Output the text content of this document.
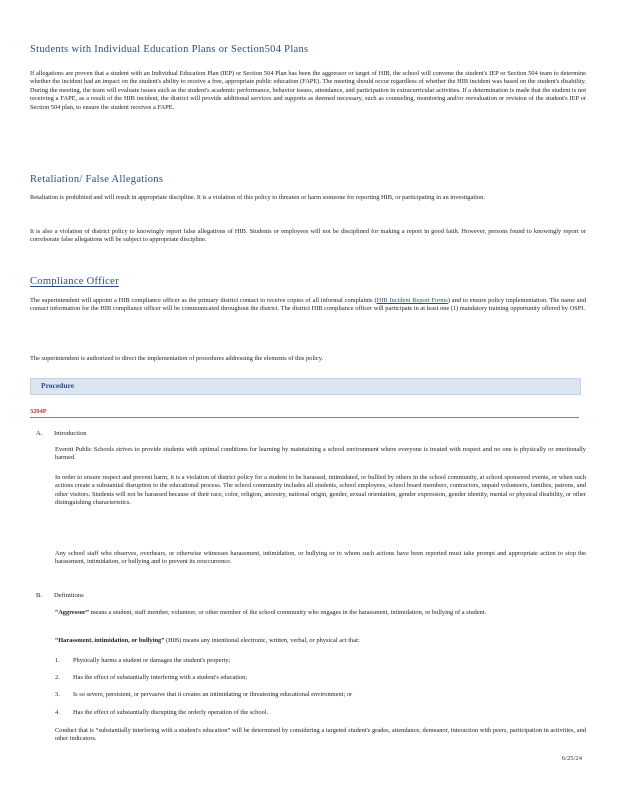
Students with Individual Education Plans or Section504 Plans
If allegations are proven that a student with an Individual Education Plan (IEP) or Section 504 Plan has been the aggressor or target of HIB, the school will convene the student's IEP or Section 504 team to determine whether the incident had an impact on the student's ability to receive a free, appropriate public education (FAPE). The meeting should occur regardless of whether the HIB incident was based on the student's disability. During the meeting, the team will evaluate issues such as the student's academic performance, behavior issues, attendance, and participation in extracurricular activities. If a determination is made that the student is not receiving a FAPE, as a result of the HIB incident, the district will provide additional services and supports as deemed necessary, such as counseling, monitoring and/or reevaluation or revision of the student's IEP or Section 504 plan, to ensure the student receives a FAPE.
Retaliation/ False Allegations
Retaliation is prohibited and will result in appropriate discipline. It is a violation of this policy to threaten or harm someone for reporting HIB, or participating in an investigation.
It is also a violation of district policy to knowingly report false allegations of HIB. Students or employees will not be disciplined for making a report in good faith. However, persons found to knowingly report or corroborate false allegations will be subject to appropriate discipline.
Compliance Officer
The superintendent will appoint a HIB compliance officer as the primary district contact to receive copies of all informal complaints (HIB Incident Report Forms) and to ensure policy implementation. The name and contact information for the HIB compliance officer will be communicated throughout the district. The district HIB compliance officer will participate in at least one (1) mandatory training opportunity offered by OSPI.
The superintendent is authorized to direct the implementation of procedures addressing the elements of this policy.
Procedure
3204P
A. Introduction
Everett Public Schools strives to provide students with optimal conditions for learning by maintaining a school environment where everyone is treated with respect and no one is physically or emotionally harmed.
In order to ensure respect and prevent harm, it is a violation of district policy for a student to be harassed, intimidated, or bullied by others in the school community, at school sponsored events, or when such actions create a substantial disruption to the educational process. The school community includes all students, school employees, school board members, contractors, unpaid volunteers, families, patrons, and other visitors. Students will not be harassed because of their race, color, religion, ancestry, national origin, gender, sexual orientation, gender expression, gender identity, mental or physical disability, or other distinguishing characteristics.
Any school staff who observes, overhears, or otherwise witnesses harassment, intimidation, or bullying or to whom such actions have been reported must take prompt and appropriate action to stop the harassment, intimidation, or bullying and to prevent its reoccurrence.
B. Definitions
“Aggressor” means a student, staff member, volunteer, or other member of the school community who engages in the harassment, intimidation, or bullying of a student.
“Harassment, intimidation, or bullying” (HIB) means any intentional electronic, written, verbal, or physical act that:
1. Physically harms a student or damages the student's property;
2. Has the effect of substantially interfering with a student's education;
3. Is so severe, persistent, or pervasive that it creates an intimidating or threatening educational environment; or
4. Has the effect of substantially disrupting the orderly operation of the school.
Conduct that is “substantially interfering with a student's education” will be determined by considering a targeted student's grades, attendance, demeanor, interaction with peers, participation in activities, and other indicators.
6/25/24
